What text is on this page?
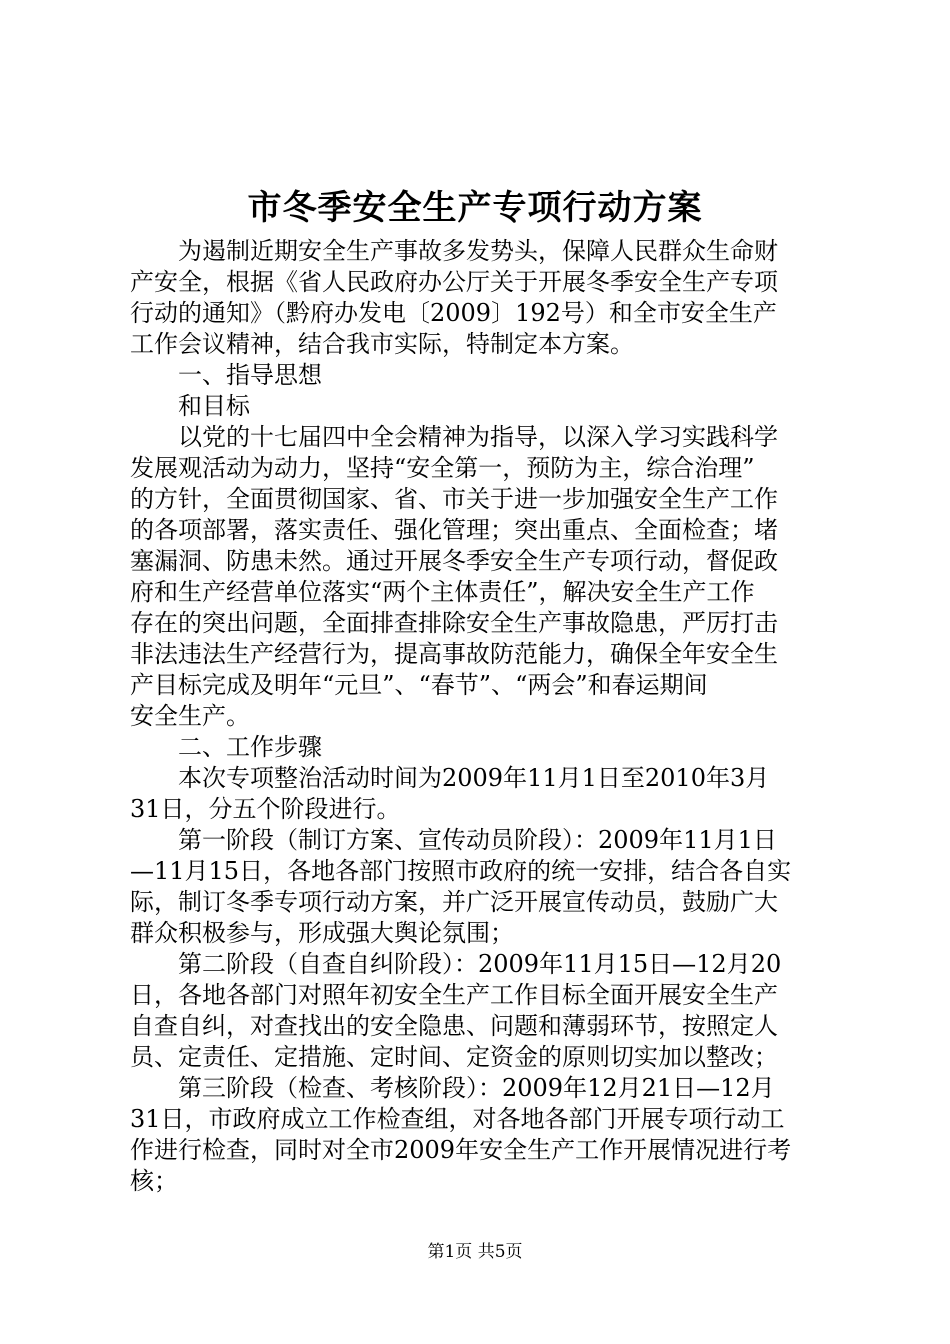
市冬季安全生产专项行动方案
为遏制近期安全生产事故多发势头，保障人民群众生命财
产安全，根据《省人民政府办公厅关于开展冬季安全生产专项
行动的通知》（黔府办发电〔2009〕192号）和全市安全生产
工作会议精神，结合我市实际，特制定本方案。
一、指导思想
和目标
以党的十七届四中全会精神为指导，以深入学习实践科学
发展观活动为动力，坚持“安全第一，预防为主，综合治理”
的方针，全面贯彻国家、省、市关于进一步加强安全生产工作
的各项部署，落实责任、强化管理；突出重点、全面检查；堵
塞漏洞、防患未然。通过开展冬季安全生产专项行动，督促政
府和生产经营单位落实“两个主体责任”，解决安全生产工作
存在的突出问题，全面排查排除安全生产事故隐患，严厉打击
非法违法生产经营行为，提高事故防范能力，确保全年安全生
产目标完成及明年“元旦”、“春节”、“两会”和春运期间
安全生产。
二、工作步骤
本次专项整治活动时间为2009年11月1日至2010年3月
31日，分五个阶段进行。
第一阶段（制订方案、宣传动员阶段）：2009年11月1日
—11月15日，各地各部门按照市政府的统一安排，结合各自实
际，制订冬季专项行动方案，并广泛开展宣传动员，鼓励广大
群众积极参与，形成强大舆论氛围；
第二阶段（自查自纠阶段）：2009年11月15日—12月20
日，各地各部门对照年初安全生产工作目标全面开展安全生产
自查自纠，对查找出的安全隐患、问题和薄弱环节，按照定人
员、定责任、定措施、定时间、定资金的原则切实加以整改；
第三阶段（检查、考核阶段）：2009年12月21日—12月
31日，市政府成立工作检查组，对各地各部门开展专项行动工
作进行检查，同时对全市2009年安全生产工作开展情况进行考
核；
第1页 共5页
